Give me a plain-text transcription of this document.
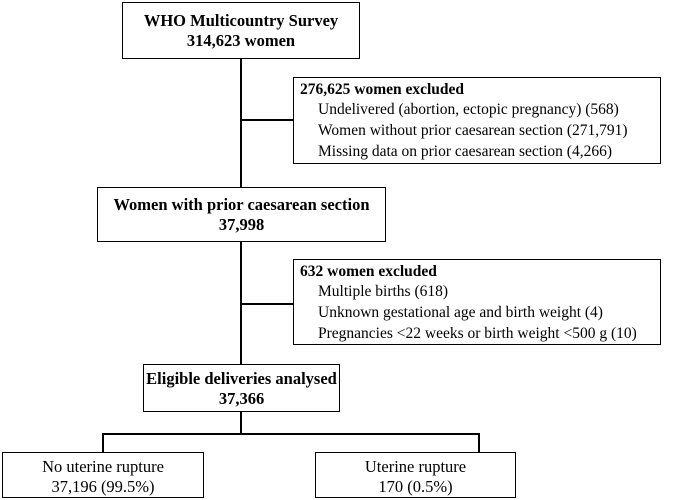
WHO Multicountry Survey
314,623 women
276,625 women excluded
Undelivered (abortion, ectopic pregnancy) (568)
Women without prior caesarean section (271,791)
Missing data on prior caesarean section (4,266)
Women with prior caesarean section
37,998
632 women excluded
Multiple births (618)
Unknown gestational age and birth weight (4)
Pregnancies <22 weeks or birth weight <500 g (10)
Eligible deliveries analysed
37,366
No uterine rupture
37,196 (99.5%)
Uterine rupture
170 (0.5%)
